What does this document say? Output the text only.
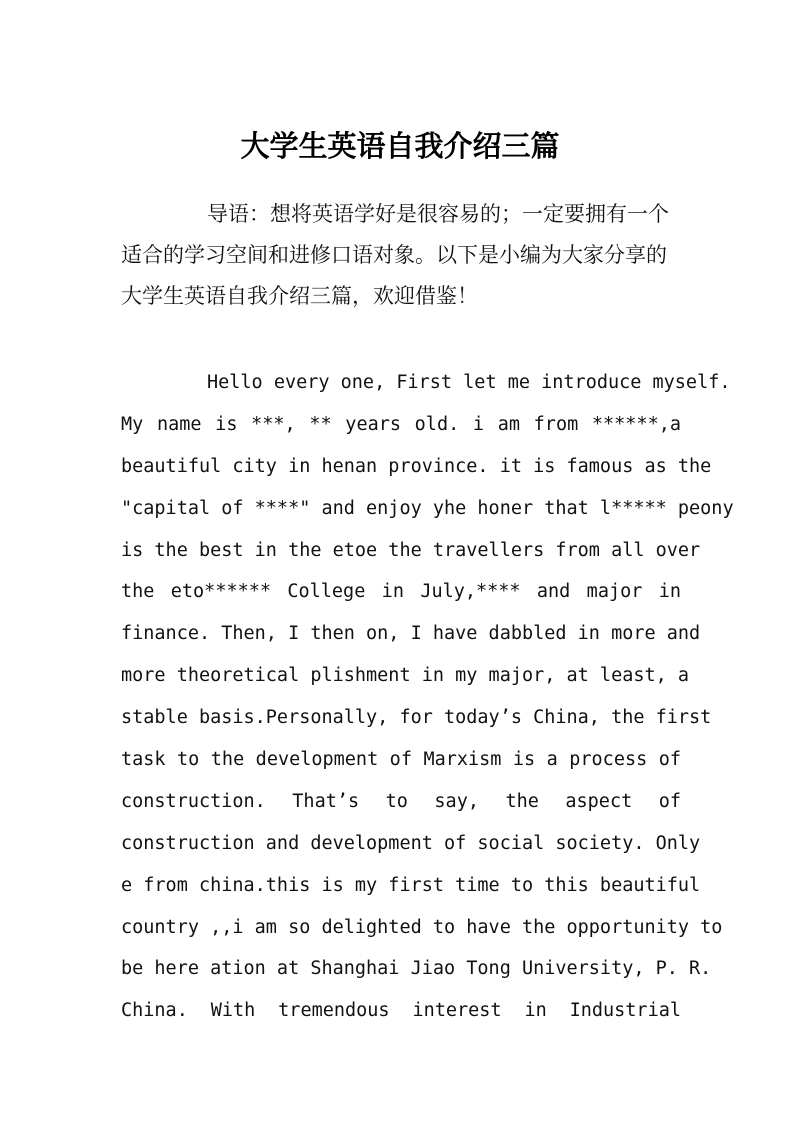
大学生英语自我介绍三篇
导语：想将英语学好是很容易的；一定要拥有一个
适合的学习空间和进修口语对象。以下是小编为大家分享的
大学生英语自我介绍三篇，欢迎借鉴！
Hello every one, First let me introduce myself.
My name is ***, ** years old. i am from ******,a
beautiful city in henan province. it is famous as the
"capital of ****" and enjoy yhe honer that l***** peony
is the best in the etoe the travellers from all over
the eto****** College in July,**** and major in
finance. Then, I then on, I have dabbled in more and
more theoretical plishment in my major, at least, a
stable basis.Personally, for today’s China, the first
task to the development of Marxism is a process of
construction. That’s to say, the aspect of
construction and development of social society. Only
e from china.this is my first time to this beautiful
country ,,i am so delighted to have the opportunity to
be here ation at Shanghai Jiao Tong University, P. R.
China. With tremendous interest in Industrial
